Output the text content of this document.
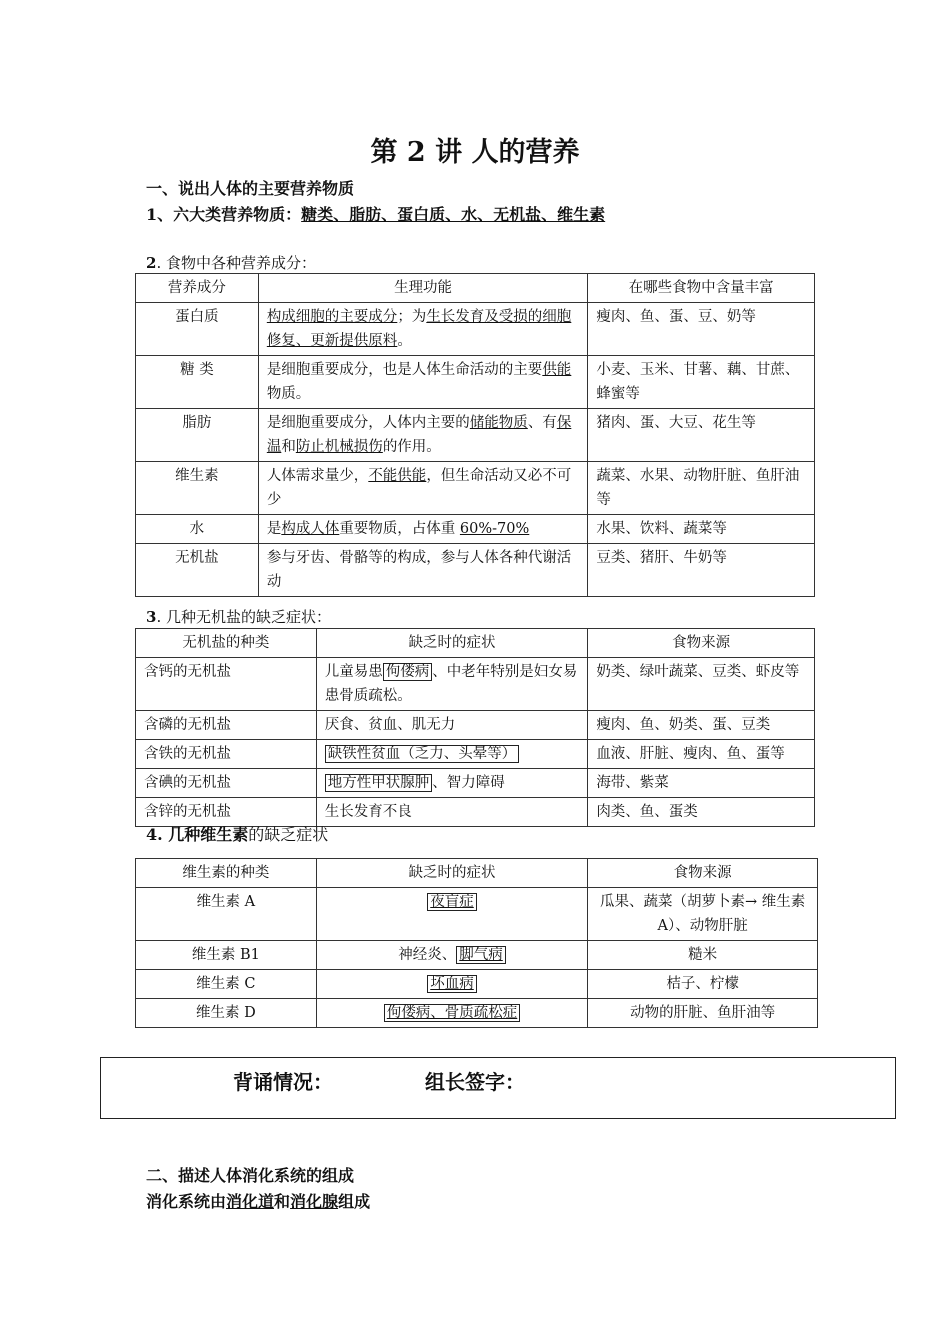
第 2 讲 人的营养
一、说出人体的主要营养物质
1、六大类营养物质：糖类、脂肪、蛋白质、水、无机盐、维生素
2. 食物中各种营养成分：
营养成分	生理功能	在哪些食物中含量丰富
蛋白质	构成细胞的主要成分；为生长发育及受损的细胞修复、更新提供原料。	瘦肉、鱼、蛋、豆、奶等
糖 类	是细胞重要成分，也是人体生命活动的主要供能物质。	小麦、玉米、甘薯、藕、甘蔗、蜂蜜等
脂肪	是细胞重要成分，人体内主要的储能物质、有保温和防止机械损伤的作用。	猪肉、蛋、大豆、花生等
维生素	人体需求量少，不能供能，但生命活动又必不可少	蔬菜、水果、动物肝脏、鱼肝油等
水	是构成人体重要物质，占体重 60%-70%	水果、饮料、蔬菜等
无机盐	参与牙齿、骨骼等的构成，参与人体各种代谢活动	豆类、猪肝、牛奶等
3. 几种无机盐的缺乏症状：
无机盐的种类	缺乏时的症状	食物来源
含钙的无机盐	儿童易患 佝偻病 、中老年特别是妇女易患骨质疏松。	奶类、绿叶蔬菜、豆类、虾皮等
含磷的无机盐	厌食、贫血、肌无力	瘦肉、鱼、奶类、蛋、豆类
含铁的无机盐	缺铁性贫血（乏力、头晕等）	血液、肝脏、瘦肉、鱼、蛋等
含碘的无机盐	地方性甲状腺肿 、智力障碍	海带、紫菜
含锌的无机盐	生长发育不良	肉类、鱼、蛋类
4. 几种维生素的缺乏症状
维生素的种类	缺乏时的症状	食物来源
维生素 A	夜盲症	瓜果、蔬菜（胡萝卜素→ 维生素 A）、动物肝脏
维生素 B1	神经炎、 脚气病	糙米
维生素 C	坏血病	桔子、柠檬
维生素 D	佝偻病、骨质疏松症	动物的肝脏、鱼肝油等
背诵情况：	组长签字：
二、描述人体消化系统的组成
消化系统由消化道和消化腺组成
